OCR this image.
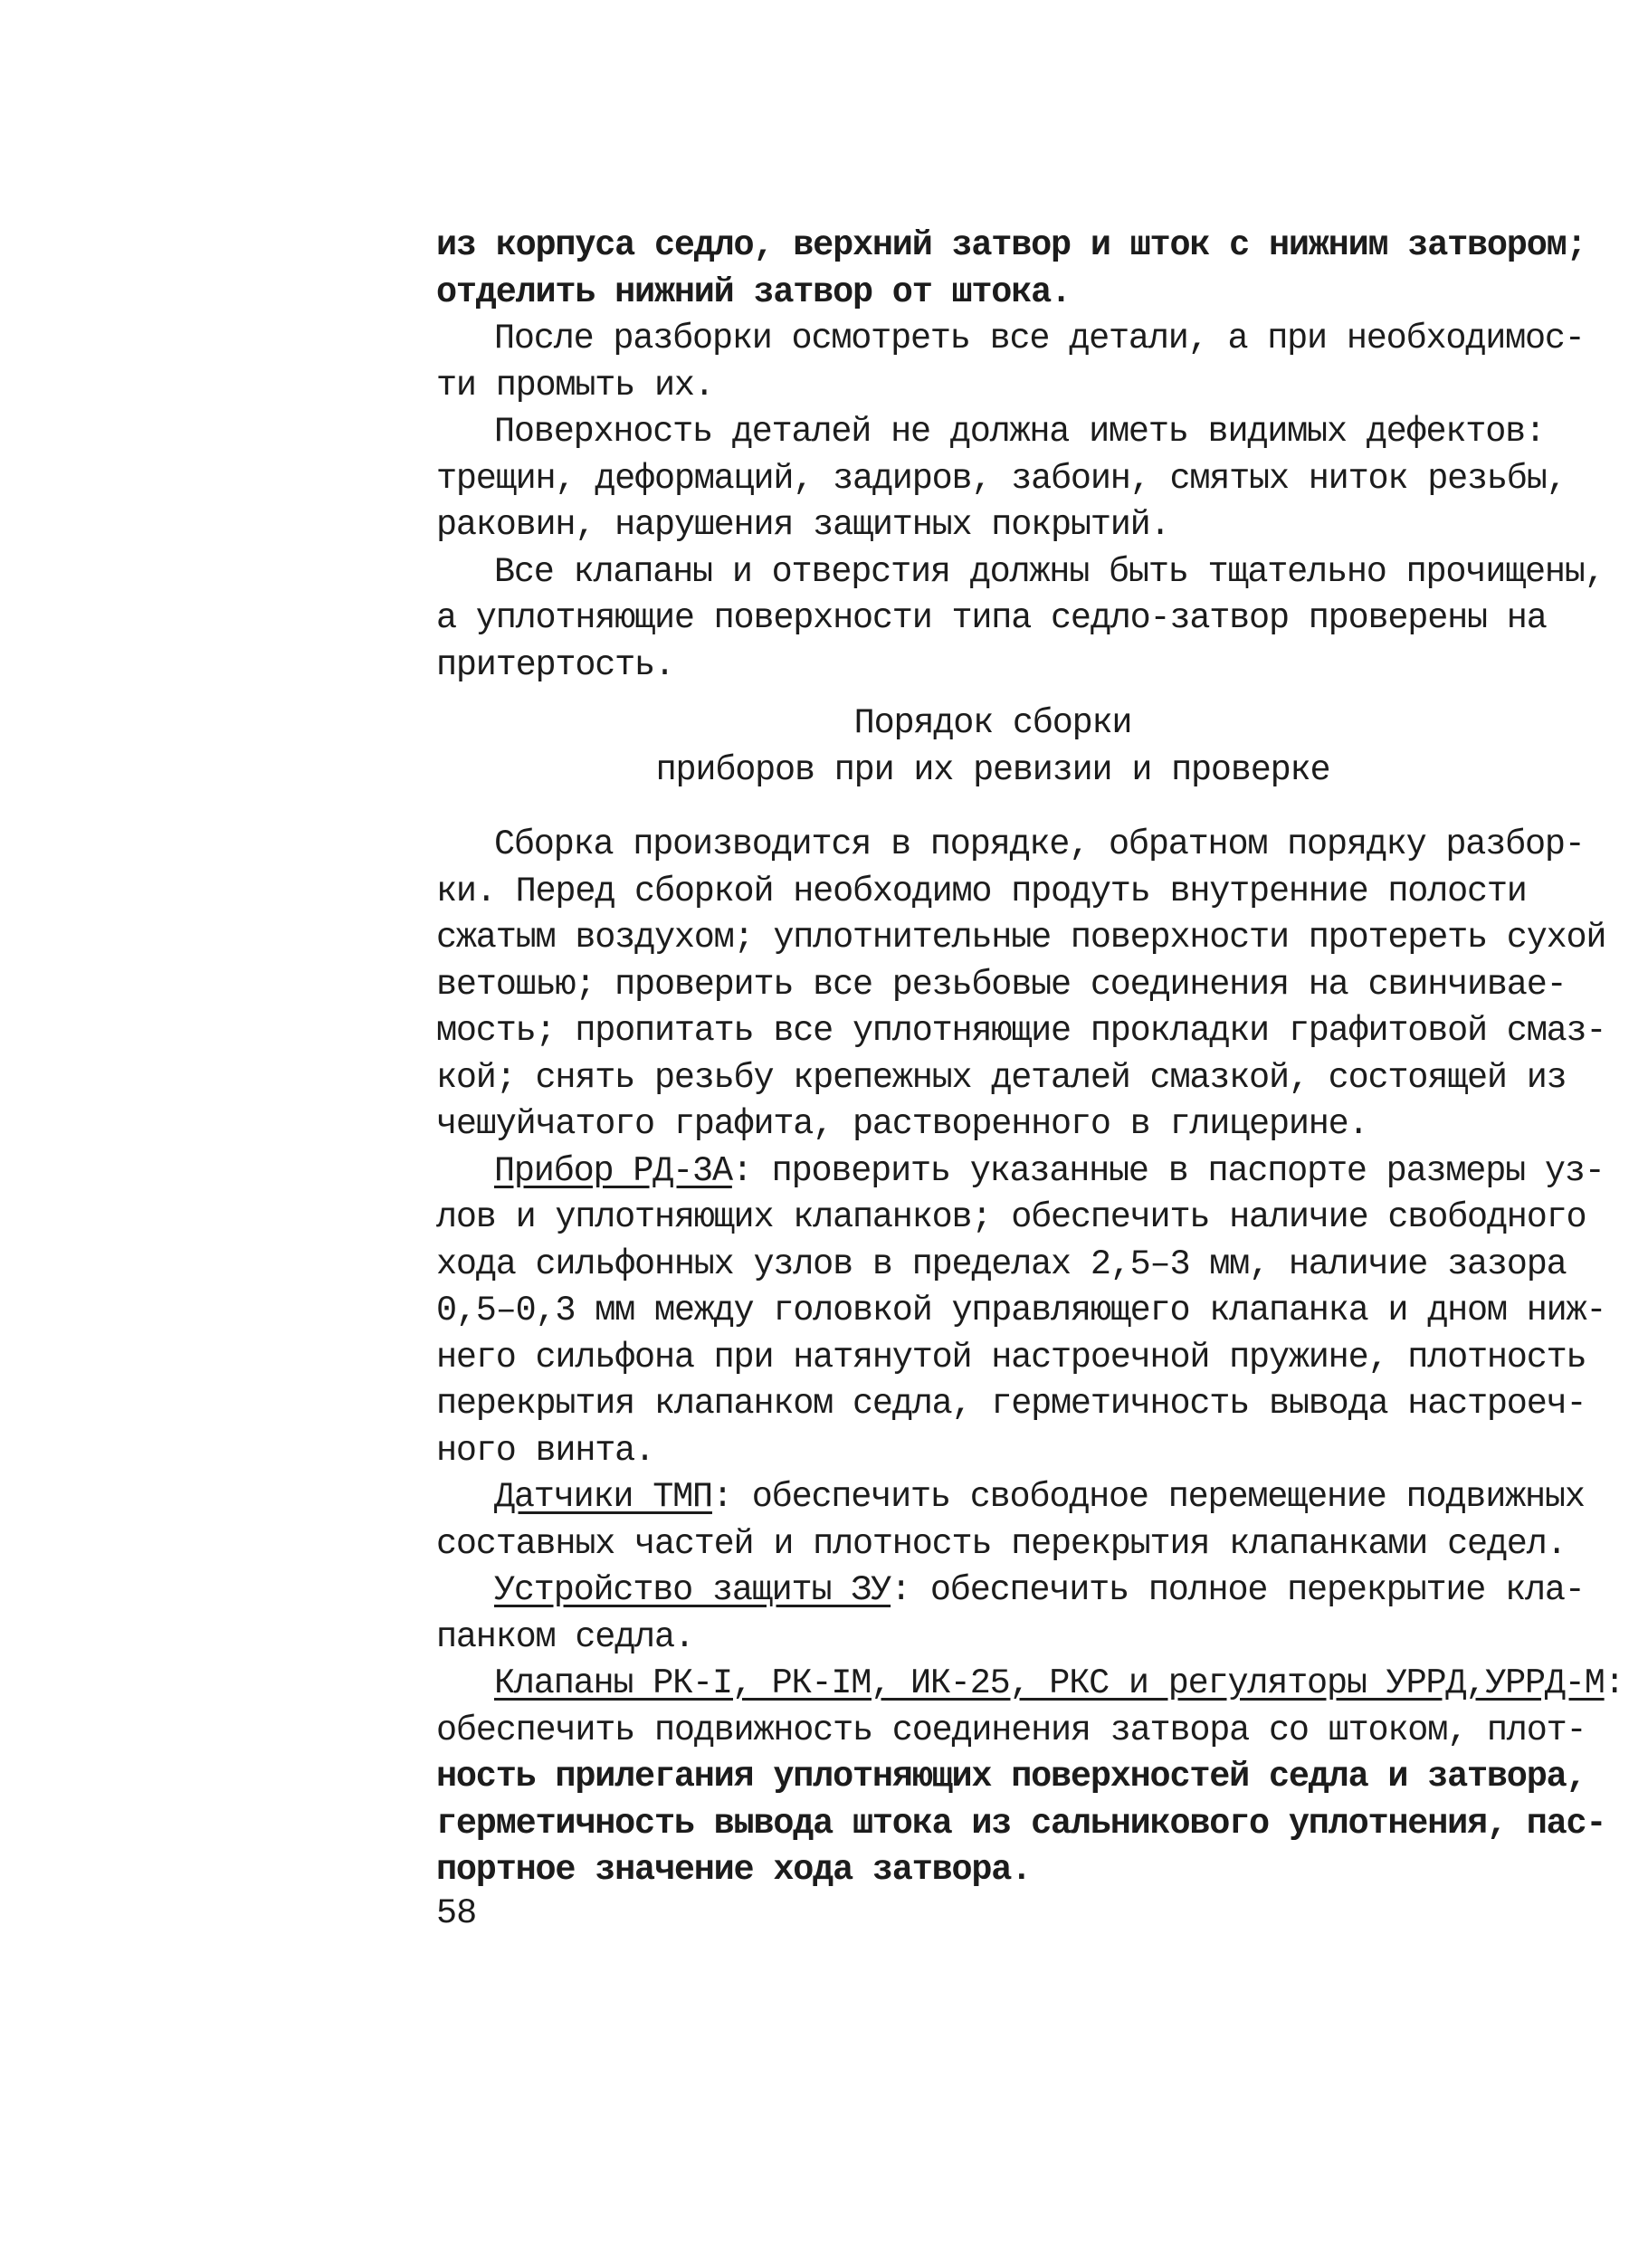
из корпуса седло, верхний затвор и шток с нижним затвором;
отделить нижний затвор от штока.
После разборки осмотреть все детали, а при необходимос-
ти промыть их.
Поверхность деталей не должна иметь видимых дефектов:
трещин, деформаций, задиров, забоин, смятых ниток резьбы,
раковин, нарушения защитных покрытий.
Все клапаны и отверстия должны быть тщательно прочищены,
а уплотняющие поверхности типа седло-затвор проверены на
притертость.
Порядок сборки
приборов при их ревизии и проверке
Сборка производится в порядке, обратном порядку разбор-
ки. Перед сборкой необходимо продуть внутренние полости
сжатым воздухом; уплотнительные поверхности протереть сухой
ветошью; проверить все резьбовые соединения на свинчивае-
мость; пропитать все уплотняющие прокладки графитовой смаз-
кой; снять резьбу крепежных деталей смазкой, состоящей из
чешуйчатого графита, растворенного в глицерине.
Прибор РД-3А: проверить указанные в паспорте размеры уз-
лов и уплотняющих клапанков; обеспечить наличие свободного
хода сильфонных узлов в пределах 2,5–3 мм, наличие зазора
0,5–0,3 мм между головкой управляющего клапанка и дном ниж-
него сильфона при натянутой настроечной пружине, плотность
перекрытия клапанком седла, герметичность вывода настроеч-
ного винта.
Датчики ТМП: обеспечить свободное перемещение подвижных
составных частей и плотность перекрытия клапанками седел.
Устройство защиты ЗУ: обеспечить полное перекрытие кла-
панком седла.
Клапаны РК-I, РК-IМ, ИК-25, РКС и регуляторы УРРД,УРРД-М:
обеспечить подвижность соединения затвора со штоком, плот-
ность прилегания уплотняющих поверхностей седла и затвора,
герметичность вывода штока из сальникового уплотнения, пас-
портное значение хода затвора.
58
